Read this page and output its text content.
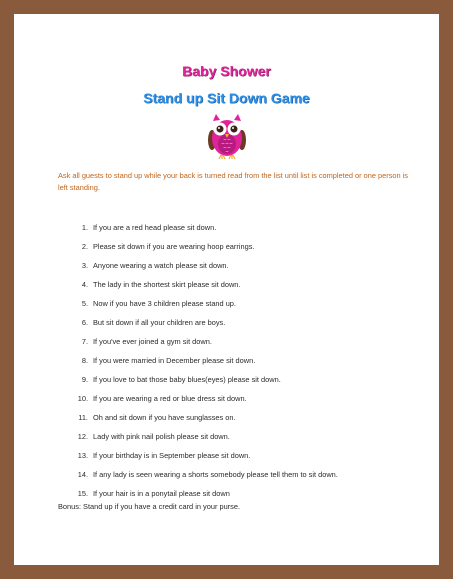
Baby Shower
Stand up Sit Down Game
Ask all guests to stand up while your back is turned read from the list until list is completed or one person is left standing.
1. If you are a red head please sit down.
2. Please sit down if you are wearing hoop earrings.
3. Anyone wearing a watch please sit down.
4. The lady in the shortest skirt please sit down.
5. Now if you have 3 children please stand up.
6. But sit down if all your children are boys.
7. If you've ever joined a gym sit down.
8. If you were married in December please sit down.
9. If you love to bat those baby blues(eyes) please sit down.
10. If you are wearing a red or blue dress sit down.
11. Oh and sit down if you have sunglasses on.
12. Lady with pink nail polish please sit down.
13. If your birthday is in September please sit down.
14. If any lady is seen wearing a shorts somebody please tell them to sit down.
15. If your hair is in a ponytail please sit down
Bonus: Stand up if you have a credit card in your purse.
